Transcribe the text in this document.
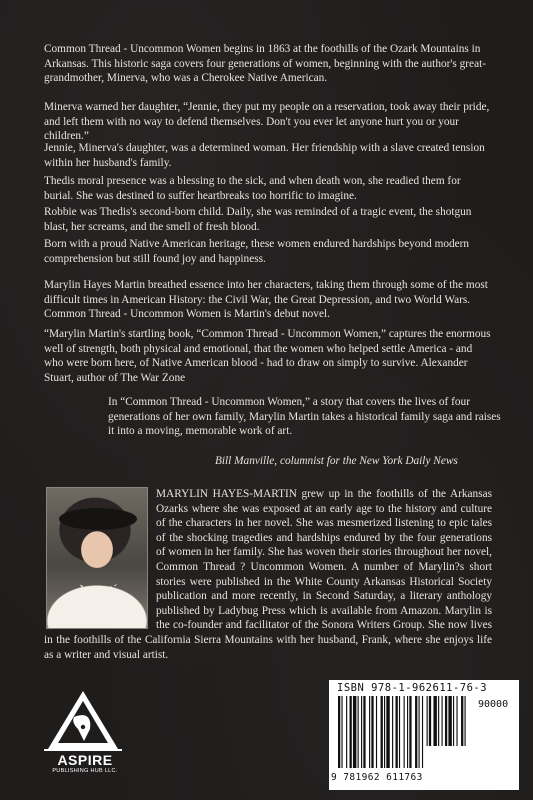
Common Thread - Uncommon Women begins in 1863 at the foothills of the Ozark Mountains in Arkansas. This historic saga covers four generations of women, beginning with the author's great-grandmother, Minerva, who was a Cherokee Native American.

Minerva warned her daughter, “Jennie, they put my people on a reservation, took away their pride, and left them with no way to defend themselves. Don't you ever let anyone hurt you or your children.”

Jennie, Minerva's daughter, was a determined woman. Her friendship with a slave created tension within her husband's family.

Thedis moral presence was a blessing to the sick, and when death won, she readied them for burial. She was destined to suffer heartbreaks too horrific to imagine.

Robbie was Thedis's second-born child. Daily, she was reminded of a tragic event, the shotgun blast, her screams, and the smell of fresh blood.

Born with a proud Native American heritage, these women endured hardships beyond modern comprehension but still found joy and happiness.

Marylin Hayes Martin breathed essence into her characters, taking them through some of the most difficult times in American History: the Civil War, the Great Depression, and two World Wars. Common Thread - Uncommon Women is Martin's debut novel.

“Marylin Martin's startling book, “Common Thread - Uncommon Women,” captures the enormous well of strength, both physical and emotional, that the women who helped settle America - and who were born here, of Native American blood - had to draw on simply to survive. Alexander Stuart, author of The War Zone

In “Common Thread - Uncommon Women,” a story that covers the lives of four generations of her own family, Marylin Martin takes a historical family saga and raises it into a moving, memorable work of art.

Bill Manville, columnist for the New York Daily News

MARYLIN HAYES-MARTIN grew up in the foothills of the Arkansas Ozarks where she was exposed at an early age to the history and culture of the characters in her novel. She was mesmerized listening to epic tales of the shocking tragedies and hardships endured by the four generations of women in her family. She has woven their stories throughout her novel, Common Thread ? Uncommon Women. A number of Marylin?s short stories were published in the White County Arkansas Historical Society publication and more recently, in Second Saturday, a literary anthology published by Ladybug Press which is available from Amazon. Marylin is the co-founder and facilitator of the Sonora Writers Group. She now lives in the foothills of the California Sierra Mountains with her husband, Frank, where she enjoys life as a writer and visual artist.

ASPIRE
PUBLISHING HUB LLC.
ISBN 978-1-962611-76-3
90000
9 781962 611763
